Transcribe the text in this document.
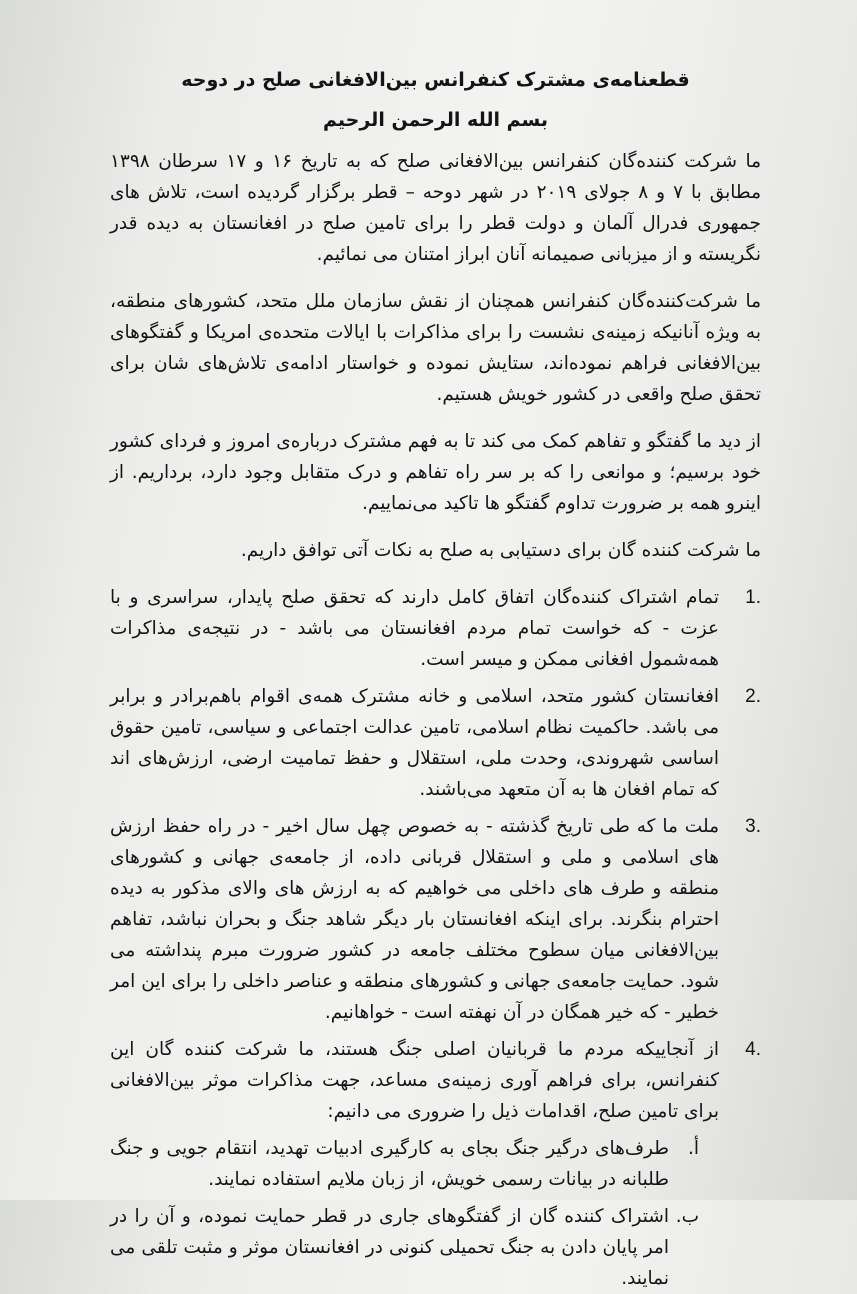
قطعنامه‌ی مشترک کنفرانس بین‌الافغانی صلح در دوحه
بسم الله الرحمن الرحیم

ما شرکت کننده‌گان کنفرانس بین‌الافغانی صلح که به تاریخ ۱۶ و ۱۷ سرطان ۱۳۹۸ مطابق با ۷ و ۸ جولای ۲۰۱۹ در شهر دوحه – قطر برگزار گردیده است، تلاش های جمهوری فدرال آلمان و دولت قطر را برای تامین صلح در افغانستان به دیده قدر نگریسته و از میزبانی صمیمانه آنان ابراز امتنان می نمائیم.

ما شرکت‌کننده‌گان کنفرانس همچنان از نقش سازمان ملل متحد، کشورهای منطقه، به ویژه آنانیکه زمینه‌ی نشست را برای مذاکرات با ایالات متحده‌ی امریکا و گفتگوهای بین‌الافغانی فراهم نموده‌اند، ستایش نموده و خواستار ادامه‌ی تلاش‌های شان برای تحقق صلح واقعی در کشور خویش هستیم.

از دید ما گفتگو و تفاهم کمک می کند تا به فهم مشترک درباره‌ی امروز و فردای کشور خود برسیم؛ و موانعی را که بر سر راه تفاهم و درک متقابل وجود دارد، برداریم. از اینرو همه بر ضرورت تداوم گفتگو ها تاکید می‌نماییم.

ما شرکت کننده گان برای دستیابی به صلح به نکات آتی توافق داریم.

1.
تمام اشتراک کننده‌گان اتفاق کامل دارند که تحقق صلح پایدار، سراسری و با عزت - که خواست تمام مردم افغانستان می باشد - در نتیجه‌ی مذاکرات همه‌شمول افغانی ممکن و میسر است.
2.
افغانستان کشور متحد، اسلامی و خانه مشترک همه‌ی اقوام باهم‌برادر و برابر می باشد. حاکمیت نظام اسلامی، تامین عدالت اجتماعی و سیاسی، تامین حقوق اساسی شهروندی، وحدت ملی، استقلال و حفظ تمامیت ارضی، ارزش‌های اند که تمام افغان ها به آن متعهد می‌باشند.
3.
ملت ما که طی تاریخ گذشته - به خصوص چهل سال اخیر - در راه حفظ ارزش های اسلامی و ملی و استقلال قربانی داده، از جامعه‌ی جهانی و کشورهای منطقه و طرف های داخلی می خواهیم که به ارزش های والای مذکور به دیده احترام بنگرند. برای اینکه افغانستان بار دیگر شاهد جنگ و بحران نباشد، تفاهم بین‌الافغانی میان سطوح مختلف جامعه در کشور ضرورت مبرم پنداشته می شود. حمایت جامعه‌ی جهانی و کشورهای منطقه و عناصر داخلی را برای این امر خطیر - که خیر همگان در آن نهفته است - خواهانیم.
4.
از آنجاییکه مردم ما قربانیان اصلی جنگ هستند، ما شرکت کننده گان این کنفرانس، برای فراهم آوری زمینه‌ی مساعد، جهت مذاکرات موثر بین‌الافغانی برای تامین صلح، اقدامات ذیل را ضروری می دانیم:
أ.
طرف‌های درگیر جنگ بجای به کارگیری ادبیات تهدید، انتقام جویی و جنگ طلبانه در بیانات رسمی خویش، از زبان ملایم استفاده نمایند.
ب.
اشتراک کننده گان از گفتگوهای جاری در قطر حمایت نموده، و آن را در امر پایان دادن به جنگ تحمیلی کنونی در افغانستان موثر و مثبت تلقی می نمایند.
